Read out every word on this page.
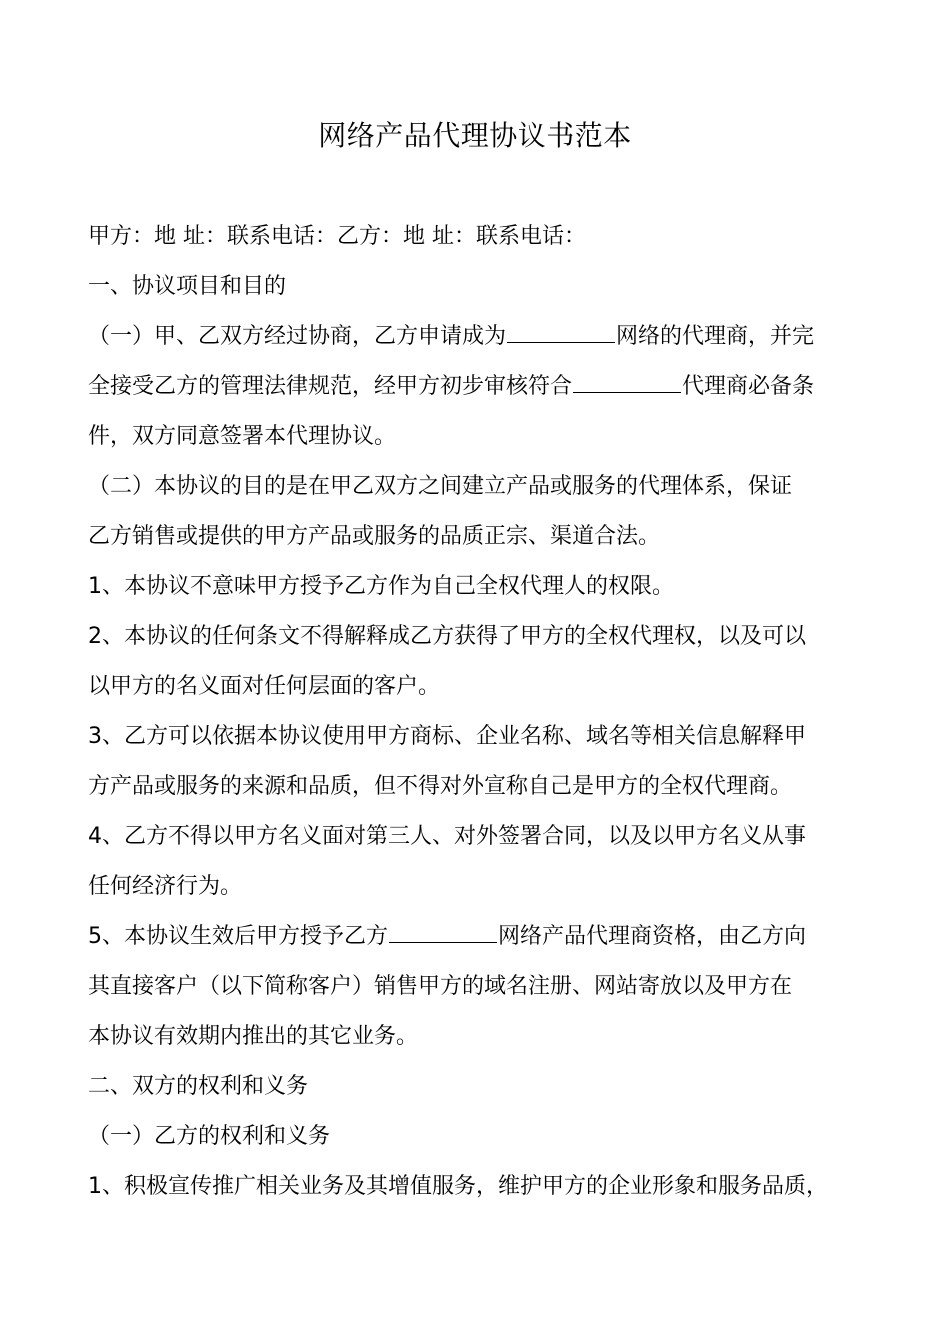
网络产品代理协议书范本
甲方：地 址：联系电话：乙方：地 址：联系电话：
一、协议项目和目的
（一）甲、乙双方经过协商，乙方申请成为	网络的代理商，并完
全接受乙方的管理法律规范，经甲方初步审核符合	代理商必备条
件，双方同意签署本代理协议。
（二）本协议的目的是在甲乙双方之间建立产品或服务的代理体系，保证
乙方销售或提供的甲方产品或服务的品质正宗、渠道合法。
1、本协议不意味甲方授予乙方作为自己全权代理人的权限。
2、本协议的任何条文不得解释成乙方获得了甲方的全权代理权，以及可以
以甲方的名义面对任何层面的客户。
3、乙方可以依据本协议使用甲方商标、企业名称、域名等相关信息解释甲
方产品或服务的来源和品质，但不得对外宣称自己是甲方的全权代理商。
4、乙方不得以甲方名义面对第三人、对外签署合同，以及以甲方名义从事
任何经济行为。
5、本协议生效后甲方授予乙方	网络产品代理商资格，由乙方向
其直接客户（以下简称客户）销售甲方的域名注册、网站寄放以及甲方在
本协议有效期内推出的其它业务。
二、双方的权利和义务
（一）乙方的权利和义务
1、积极宣传推广相关业务及其增值服务，维护甲方的企业形象和服务品质，
